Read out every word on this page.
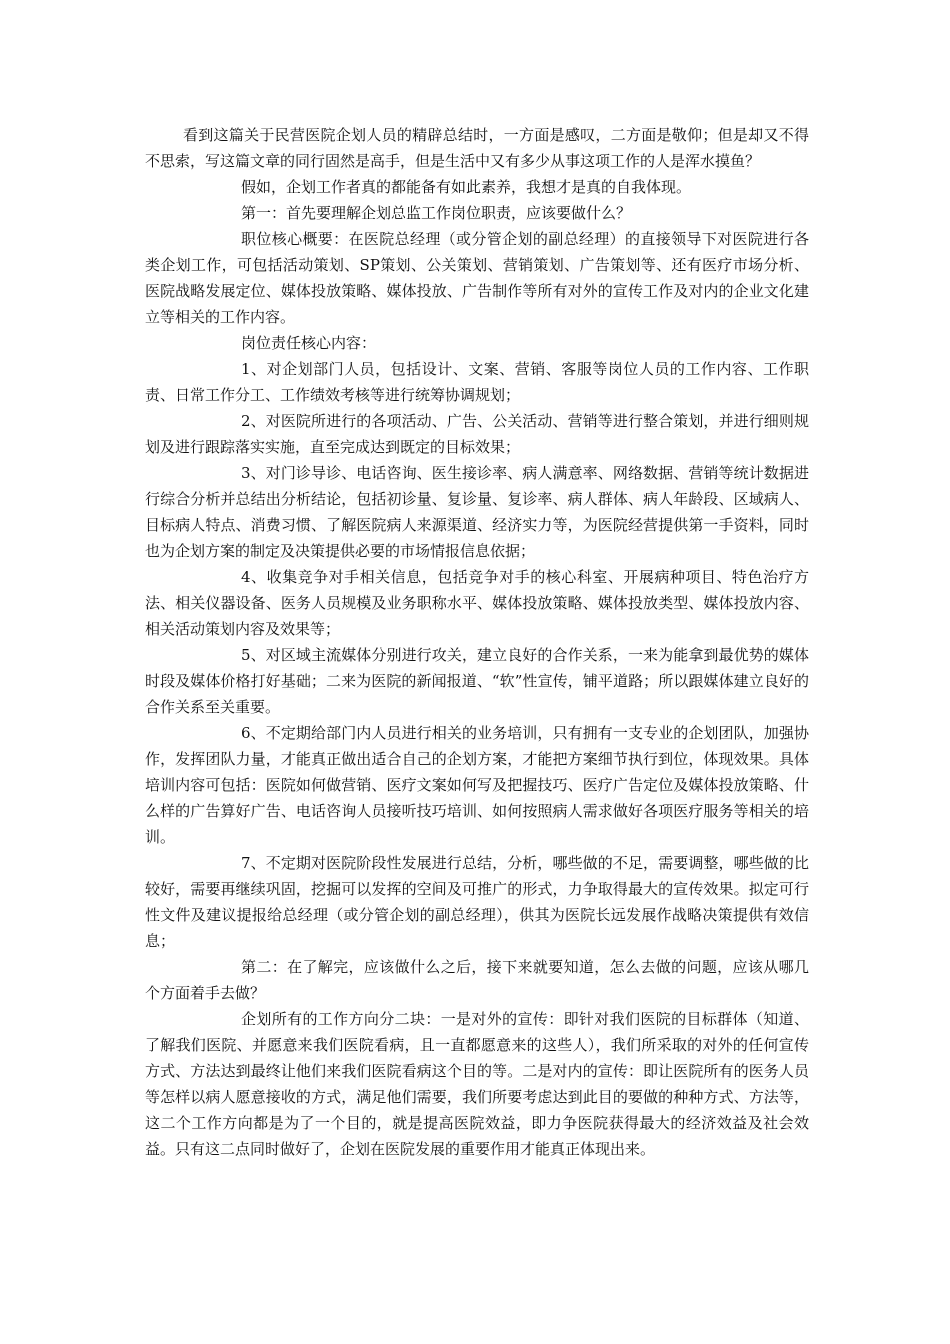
看到这篇关于民营医院企划人员的精辟总结时，一方面是感叹，二方面是敬仰；但是却又不得不思索，写这篇文章的同行固然是高手，但是生活中又有多少从事这项工作的人是浑水摸鱼？

假如，企划工作者真的都能备有如此素养，我想才是真的自我体现。

第一：首先要理解企划总监工作岗位职责，应该要做什么？

职位核心概要：在医院总经理（或分管企划的副总经理）的直接领导下对医院进行各类企划工作，可包括活动策划、SP策划、公关策划、营销策划、广告策划等、还有医疗市场分析、医院战略发展定位、媒体投放策略、媒体投放、广告制作等所有对外的宣传工作及对内的企业文化建立等相关的工作内容。

岗位责任核心内容：

1、对企划部门人员，包括设计、文案、营销、客服等岗位人员的工作内容、工作职责、日常工作分工、工作绩效考核等进行统筹协调规划；

2、对医院所进行的各项活动、广告、公关活动、营销等进行整合策划，并进行细则规划及进行跟踪落实实施，直至完成达到既定的目标效果；

3、对门诊导诊、电话咨询、医生接诊率、病人满意率、网络数据、营销等统计数据进行综合分析并总结出分析结论，包括初诊量、复诊量、复诊率、病人群体、病人年龄段、区域病人、目标病人特点、消费习惯、了解医院病人来源渠道、经济实力等，为医院经营提供第一手资料，同时也为企划方案的制定及决策提供必要的市场情报信息依据；

4、收集竞争对手相关信息，包括竞争对手的核心科室、开展病种项目、特色治疗方法、相关仪器设备、医务人员规模及业务职称水平、媒体投放策略、媒体投放类型、媒体投放内容、相关活动策划内容及效果等；

5、对区域主流媒体分别进行攻关，建立良好的合作关系，一来为能拿到最优势的媒体时段及媒体价格打好基础；二来为医院的新闻报道、“软”性宣传，铺平道路；所以跟媒体建立良好的合作关系至关重要。

6、不定期给部门内人员进行相关的业务培训，只有拥有一支专业的企划团队，加强协作，发挥团队力量，才能真正做出适合自己的企划方案，才能把方案细节执行到位，体现效果。具体培训内容可包括：医院如何做营销、医疗文案如何写及把握技巧、医疗广告定位及媒体投放策略、什么样的广告算好广告、电话咨询人员接听技巧培训、如何按照病人需求做好各项医疗服务等相关的培训。

7、不定期对医院阶段性发展进行总结，分析，哪些做的不足，需要调整，哪些做的比较好，需要再继续巩固，挖掘可以发挥的空间及可推广的形式，力争取得最大的宣传效果。拟定可行性文件及建议提报给总经理（或分管企划的副总经理），供其为医院长远发展作战略决策提供有效信息；

第二：在了解完，应该做什么之后，接下来就要知道，怎么去做的问题，应该从哪几个方面着手去做？

企划所有的工作方向分二块：一是对外的宣传：即针对我们医院的目标群体（知道、了解我们医院、并愿意来我们医院看病，且一直都愿意来的这些人），我们所采取的对外的任何宣传方式、方法达到最终让他们来我们医院看病这个目的等。二是对内的宣传：即让医院所有的医务人员等怎样以病人愿意接收的方式，满足他们需要，我们所要考虑达到此目的要做的种种方式、方法等，这二个工作方向都是为了一个目的，就是提高医院效益，即力争医院获得最大的经济效益及社会效益。只有这二点同时做好了，企划在医院发展的重要作用才能真正体现出来。
